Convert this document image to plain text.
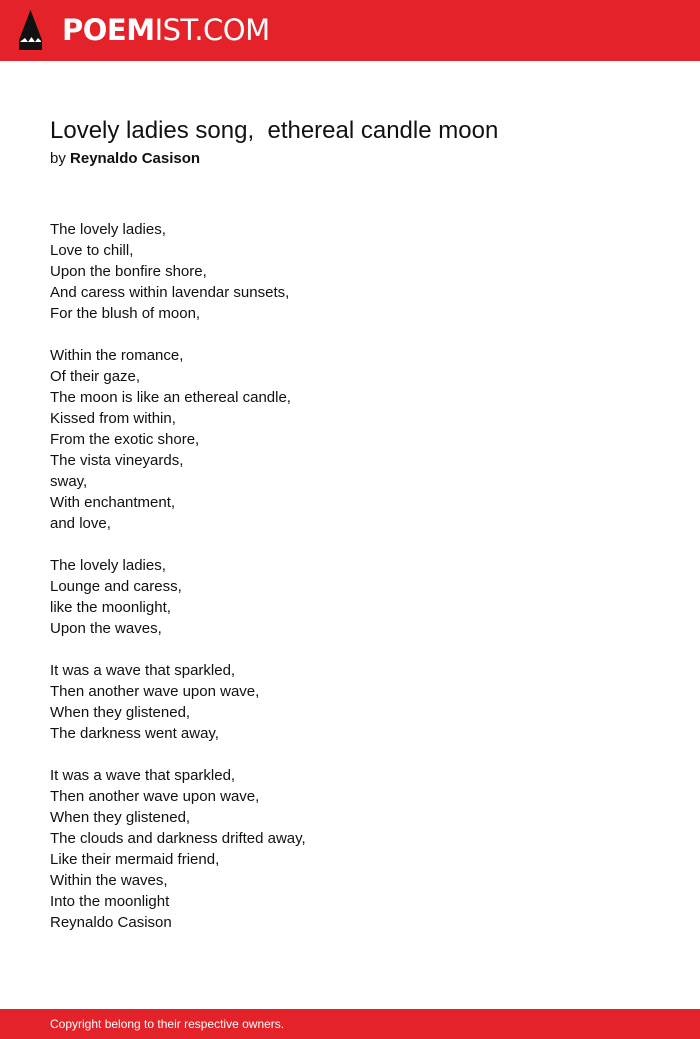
POEMIST.COM
Lovely ladies song,  ethereal candle moon
by Reynaldo Casison
The lovely ladies,
Love to chill,
Upon the bonfire shore,
And caress within lavendar sunsets,
For the blush of moon,
Within the romance,
Of their gaze,
The moon is like an ethereal candle,
Kissed from within,
From the exotic shore,
The vista vineyards,
sway,
With enchantment,
and love,
The lovely ladies,
Lounge and caress,
like the moonlight,
Upon the waves,
It was a wave that sparkled,
Then another wave upon wave,
When they glistened,
The darkness went away,
It was a wave that sparkled,
Then another wave upon wave,
When they glistened,
The clouds and darkness drifted away,
Like their mermaid friend,
Within the waves,
Into the moonlight
Reynaldo Casison
Copyright belong to their respective owners.
